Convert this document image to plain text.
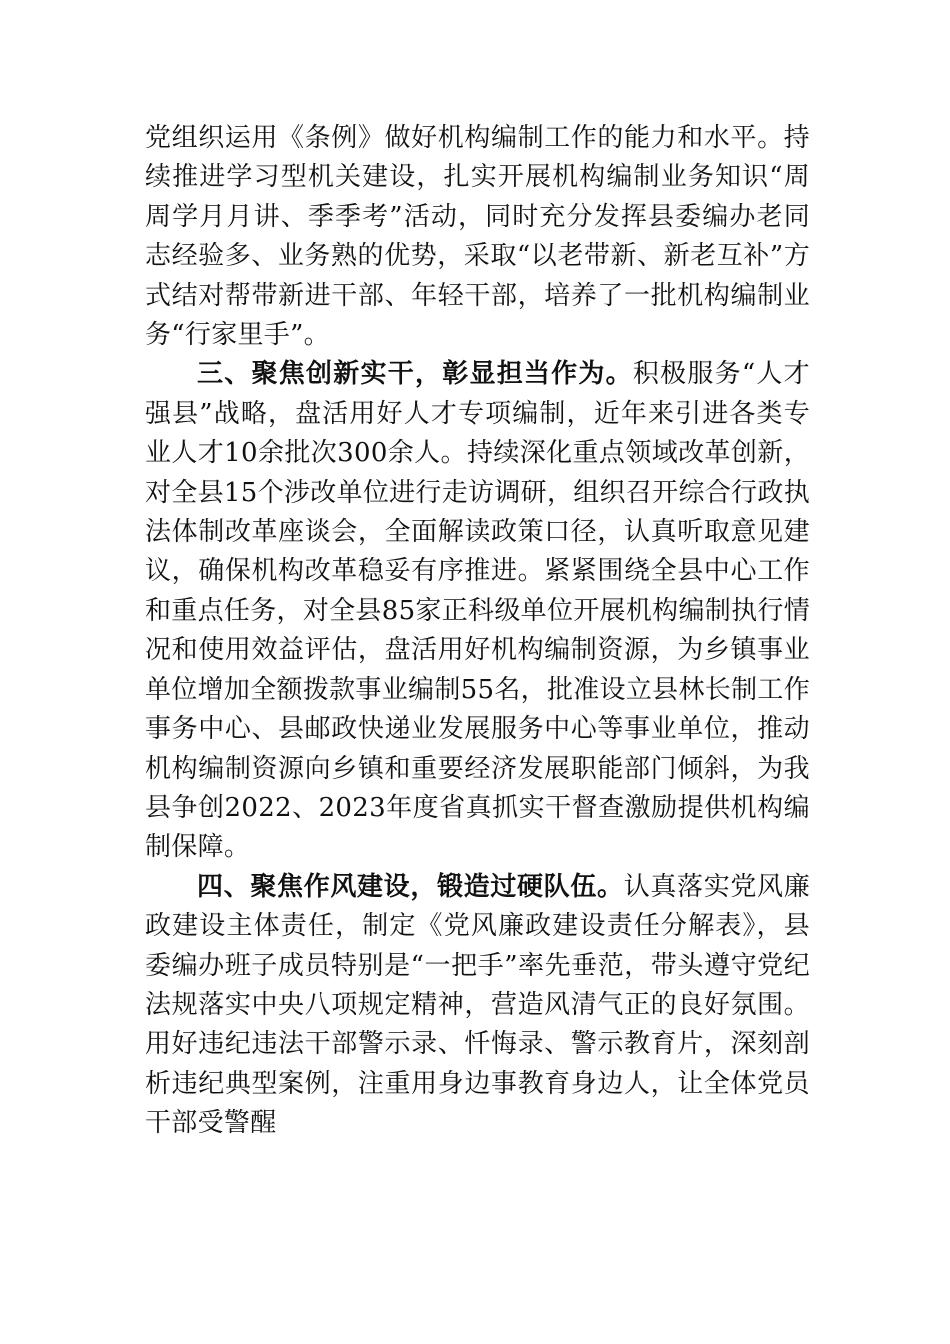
党组织运用《条例》做好机构编制工作的能力和水平。持续推进学习型机关建设，扎实开展机构编制业务知识“周周学月月讲、季季考”活动，同时充分发挥县委编办老同志经验多、业务熟的优势，采取“以老带新、新老互补”方式结对帮带新进干部、年轻干部，培养了一批机构编制业务“行家里手”。

三、聚焦创新实干，彰显担当作为。积极服务“人才强县”战略，盘活用好人才专项编制，近年来引进各类专业人才10余批次300余人。持续深化重点领域改革创新，对全县15个涉改单位进行走访调研，组织召开综合行政执法体制改革座谈会，全面解读政策口径，认真听取意见建议，确保机构改革稳妥有序推进。紧紧围绕全县中心工作和重点任务，对全县85家正科级单位开展机构编制执行情况和使用效益评估，盘活用好机构编制资源，为乡镇事业单位增加全额拨款事业编制55名，批准设立县林长制工作事务中心、县邮政快递业发展服务中心等事业单位，推动机构编制资源向乡镇和重要经济发展职能部门倾斜，为我县争创2022、2023年度省真抓实干督查激励提供机构编制保障。

四、聚焦作风建设，锻造过硬队伍。认真落实党风廉政建设主体责任，制定《党风廉政建设责任分解表》，县委编办班子成员特别是“一把手”率先垂范，带头遵守党纪法规落实中央八项规定精神，营造风清气正的良好氛围。用好违纪违法干部警示录、忏悔录、警示教育片，深刻剖析违纪典型案例，注重用身边事教育身边人，让全体党员干部受警醒
